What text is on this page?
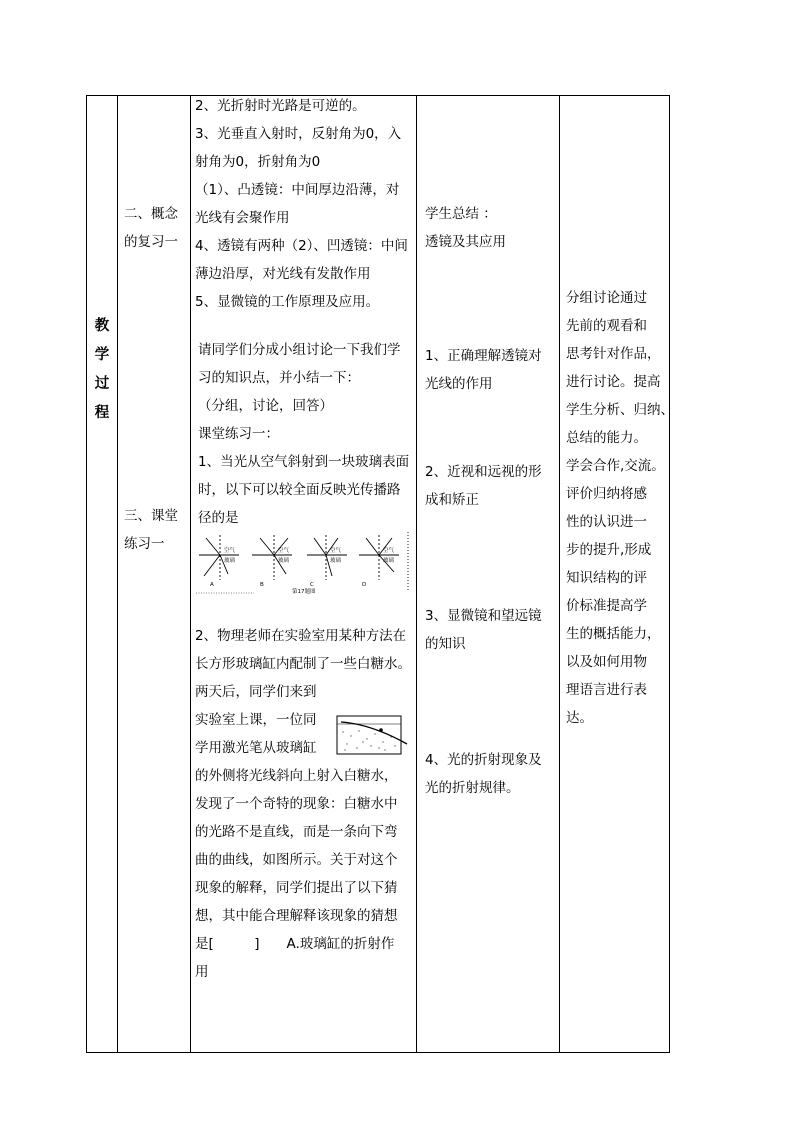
教
学
过
程

二、概念
的复习一
三、课堂
练习一

2、光折射时光路是可逆的。
3、光垂直入射时，反射角为0，入
射角为0，折射角为0
（1）、凸透镜：中间厚边沿薄，对
光线有会聚作用
4、透镜有两种（2）、凹透镜：中间
薄边沿厚，对光线有发散作用
5、显微镜的工作原理及应用。
请同学们分成小组讨论一下我们学
习的知识点，并小结一下：
（分组，讨论，回答）
课堂练习一：
1、当光从空气斜射到一块玻璃表面
时，以下可以较全面反映光传播路
径的是
空气
玻璃
空气
玻璃
空气
玻璃
空气
玻璃
A	B	C	D
第17题图
2、物理老师在实验室用某种方法在
长方形玻璃缸内配制了一些白糖水。
两天后，同学们来到
实验室上课，一位同
学用激光笔从玻璃缸
的外侧将光线斜向上射入白糖水，
发现了一个奇特的现象：白糖水中
的光路不是直线，而是一条向下弯
曲的曲线，如图所示。关于对这个
现象的解释，同学们提出了以下猜
想，其中能合理解释该现象的猜想
是[　　　]　　A.玻璃缸的折射作
用

学生总结 ：
透镜及其应用
1、正确理解透镜对
光线的作用
2、近视和远视的形
成和矫正
3、显微镜和望远镜
的知识
4、光的折射现象及
光的折射规律。

分组讨论通过
先前的观看和
思考针对作品，
进行讨论。提高
学生分析、归纳、
总结的能力。
学会合作,交流。
评价归纳将感
性的认识进一
步的提升,形成
知识结构的评
价标准提高学
生的概括能力，
以及如何用物
理语言进行表
达。
